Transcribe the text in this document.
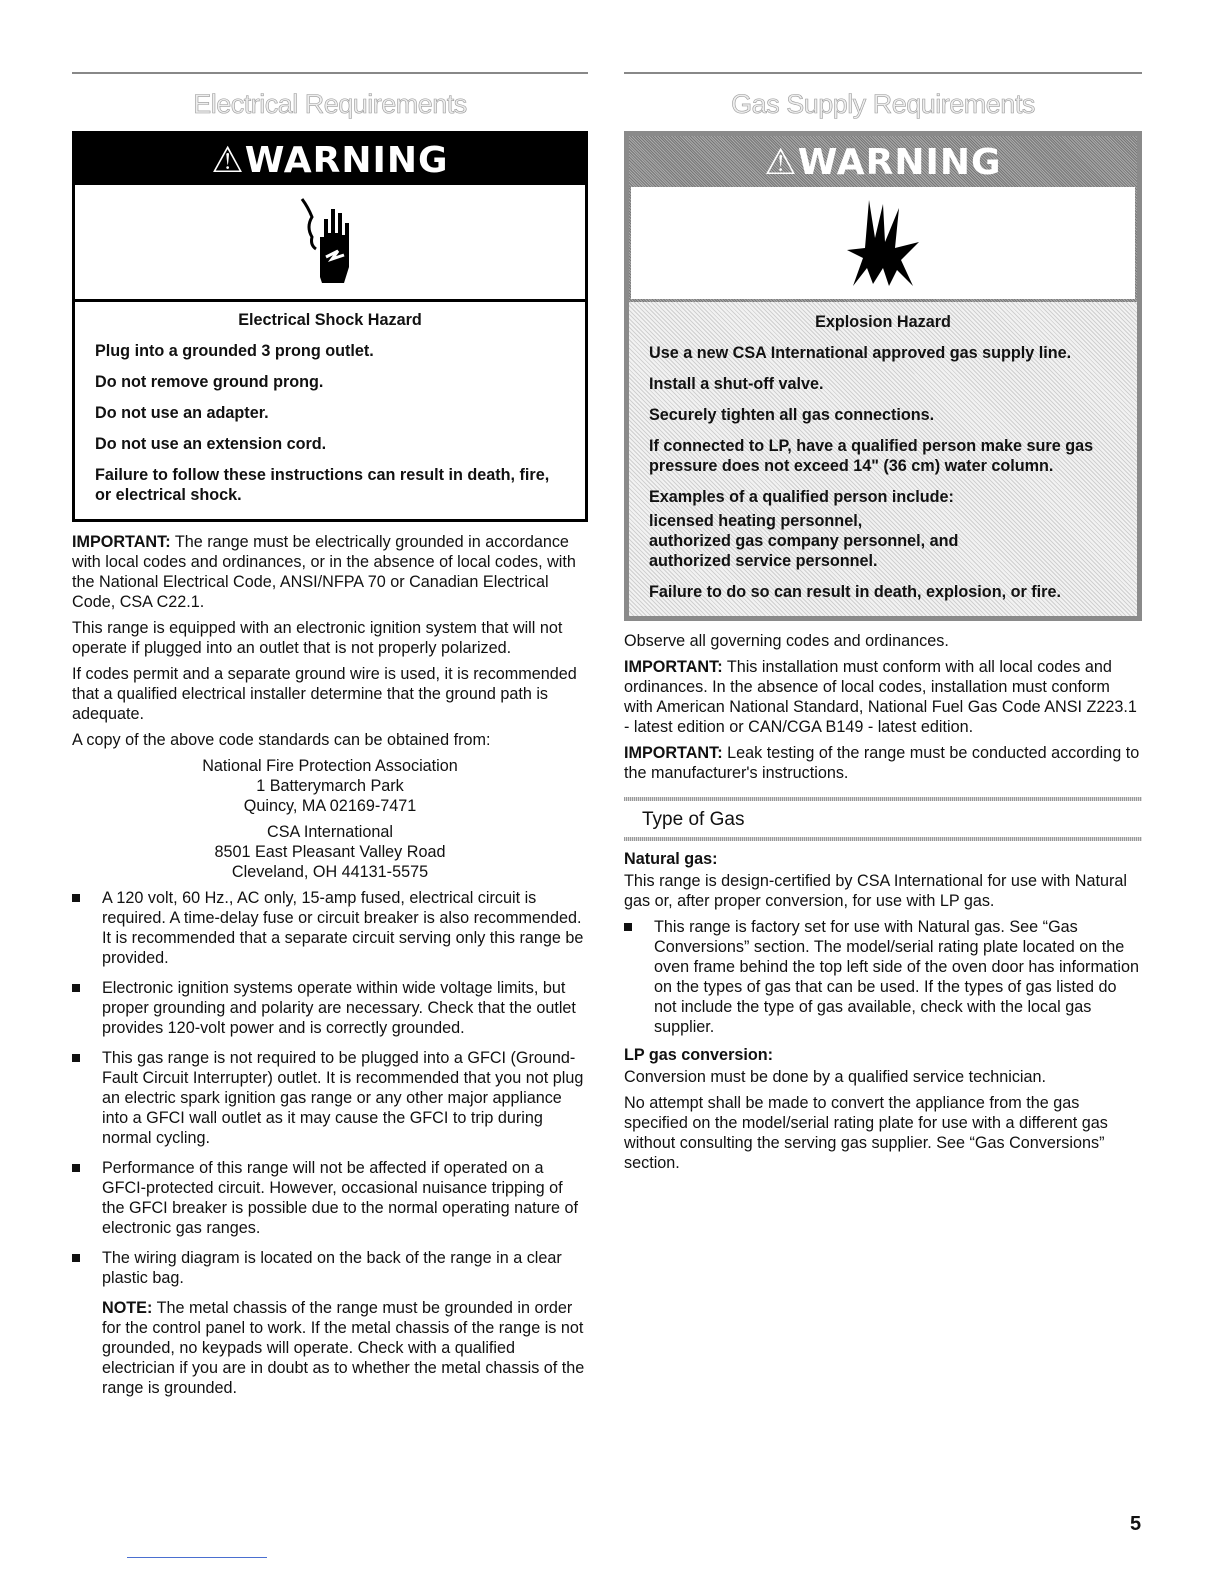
Electrical Requirements
⚠WARNING

Electrical Shock Hazard

Plug into a grounded 3 prong outlet.

Do not remove ground prong.

Do not use an adapter.

Do not use an extension cord.

Failure to follow these instructions can result in death, fire, or electrical shock.

IMPORTANT: The range must be electrically grounded in accordance with local codes and ordinances, or in the absence of local codes, with the National Electrical Code, ANSI/NFPA 70 or Canadian Electrical Code, CSA C22.1.

This range is equipped with an electronic ignition system that will not operate if plugged into an outlet that is not properly polarized.

If codes permit and a separate ground wire is used, it is recommended that a qualified electrical installer determine that the ground path is adequate.

A copy of the above code standards can be obtained from:

National Fire Protection Association
1 Batterymarch Park
Quincy, MA 02169-7471
CSA International
8501 East Pleasant Valley Road
Cleveland, OH 44131-5575
A 120 volt, 60 Hz., AC only, 15-amp fused, electrical circuit is required. A time-delay fuse or circuit breaker is also recommended. It is recommended that a separate circuit serving only this range be provided.
Electronic ignition systems operate within wide voltage limits, but proper grounding and polarity are necessary. Check that the outlet provides 120-volt power and is correctly grounded.
This gas range is not required to be plugged into a GFCI (Ground-Fault Circuit Interrupter) outlet. It is recommended that you not plug an electric spark ignition gas range or any other major appliance into a GFCI wall outlet as it may cause the GFCI to trip during normal cycling.
Performance of this range will not be affected if operated on a GFCI-protected circuit. However, occasional nuisance tripping of the GFCI breaker is possible due to the normal operating nature of electronic gas ranges.
The wiring diagram is located on the back of the range in a clear plastic bag.

NOTE: The metal chassis of the range must be grounded in order for the control panel to work. If the metal chassis of the range is not grounded, no keypads will operate. Check with a qualified electrician if you are in doubt as to whether the metal chassis of the range is grounded.

Gas Supply Requirements
⚠WARNING

Explosion Hazard

Use a new CSA International approved gas supply line.

Install a shut-off valve.

Securely tighten all gas connections.

If connected to LP, have a qualified person make sure gas pressure does not exceed 14" (36 cm) water column.

Examples of a qualified person include:

licensed heating personnel,
authorized gas company personnel, and
authorized service personnel.

Failure to do so can result in death, explosion, or fire.

Observe all governing codes and ordinances.

IMPORTANT: This installation must conform with all local codes and ordinances. In the absence of local codes, installation must conform with American National Standard, National Fuel Gas Code ANSI Z223.1 - latest edition or CAN/CGA B149 - latest edition.

IMPORTANT: Leak testing of the range must be conducted according to the manufacturer's instructions.

Type of Gas
Natural gas:

This range is design-certified by CSA International for use with Natural gas or, after proper conversion, for use with LP gas.

This range is factory set for use with Natural gas. See “Gas Conversions” section. The model/serial rating plate located on the oven frame behind the top left side of the oven door has information on the types of gas that can be used. If the types of gas listed do not include the type of gas available, check with the local gas supplier.
LP gas conversion:

Conversion must be done by a qualified service technician.

No attempt shall be made to convert the appliance from the gas specified on the model/serial rating plate for use with a different gas without consulting the serving gas supplier. See “Gas Conversions” section.

5
